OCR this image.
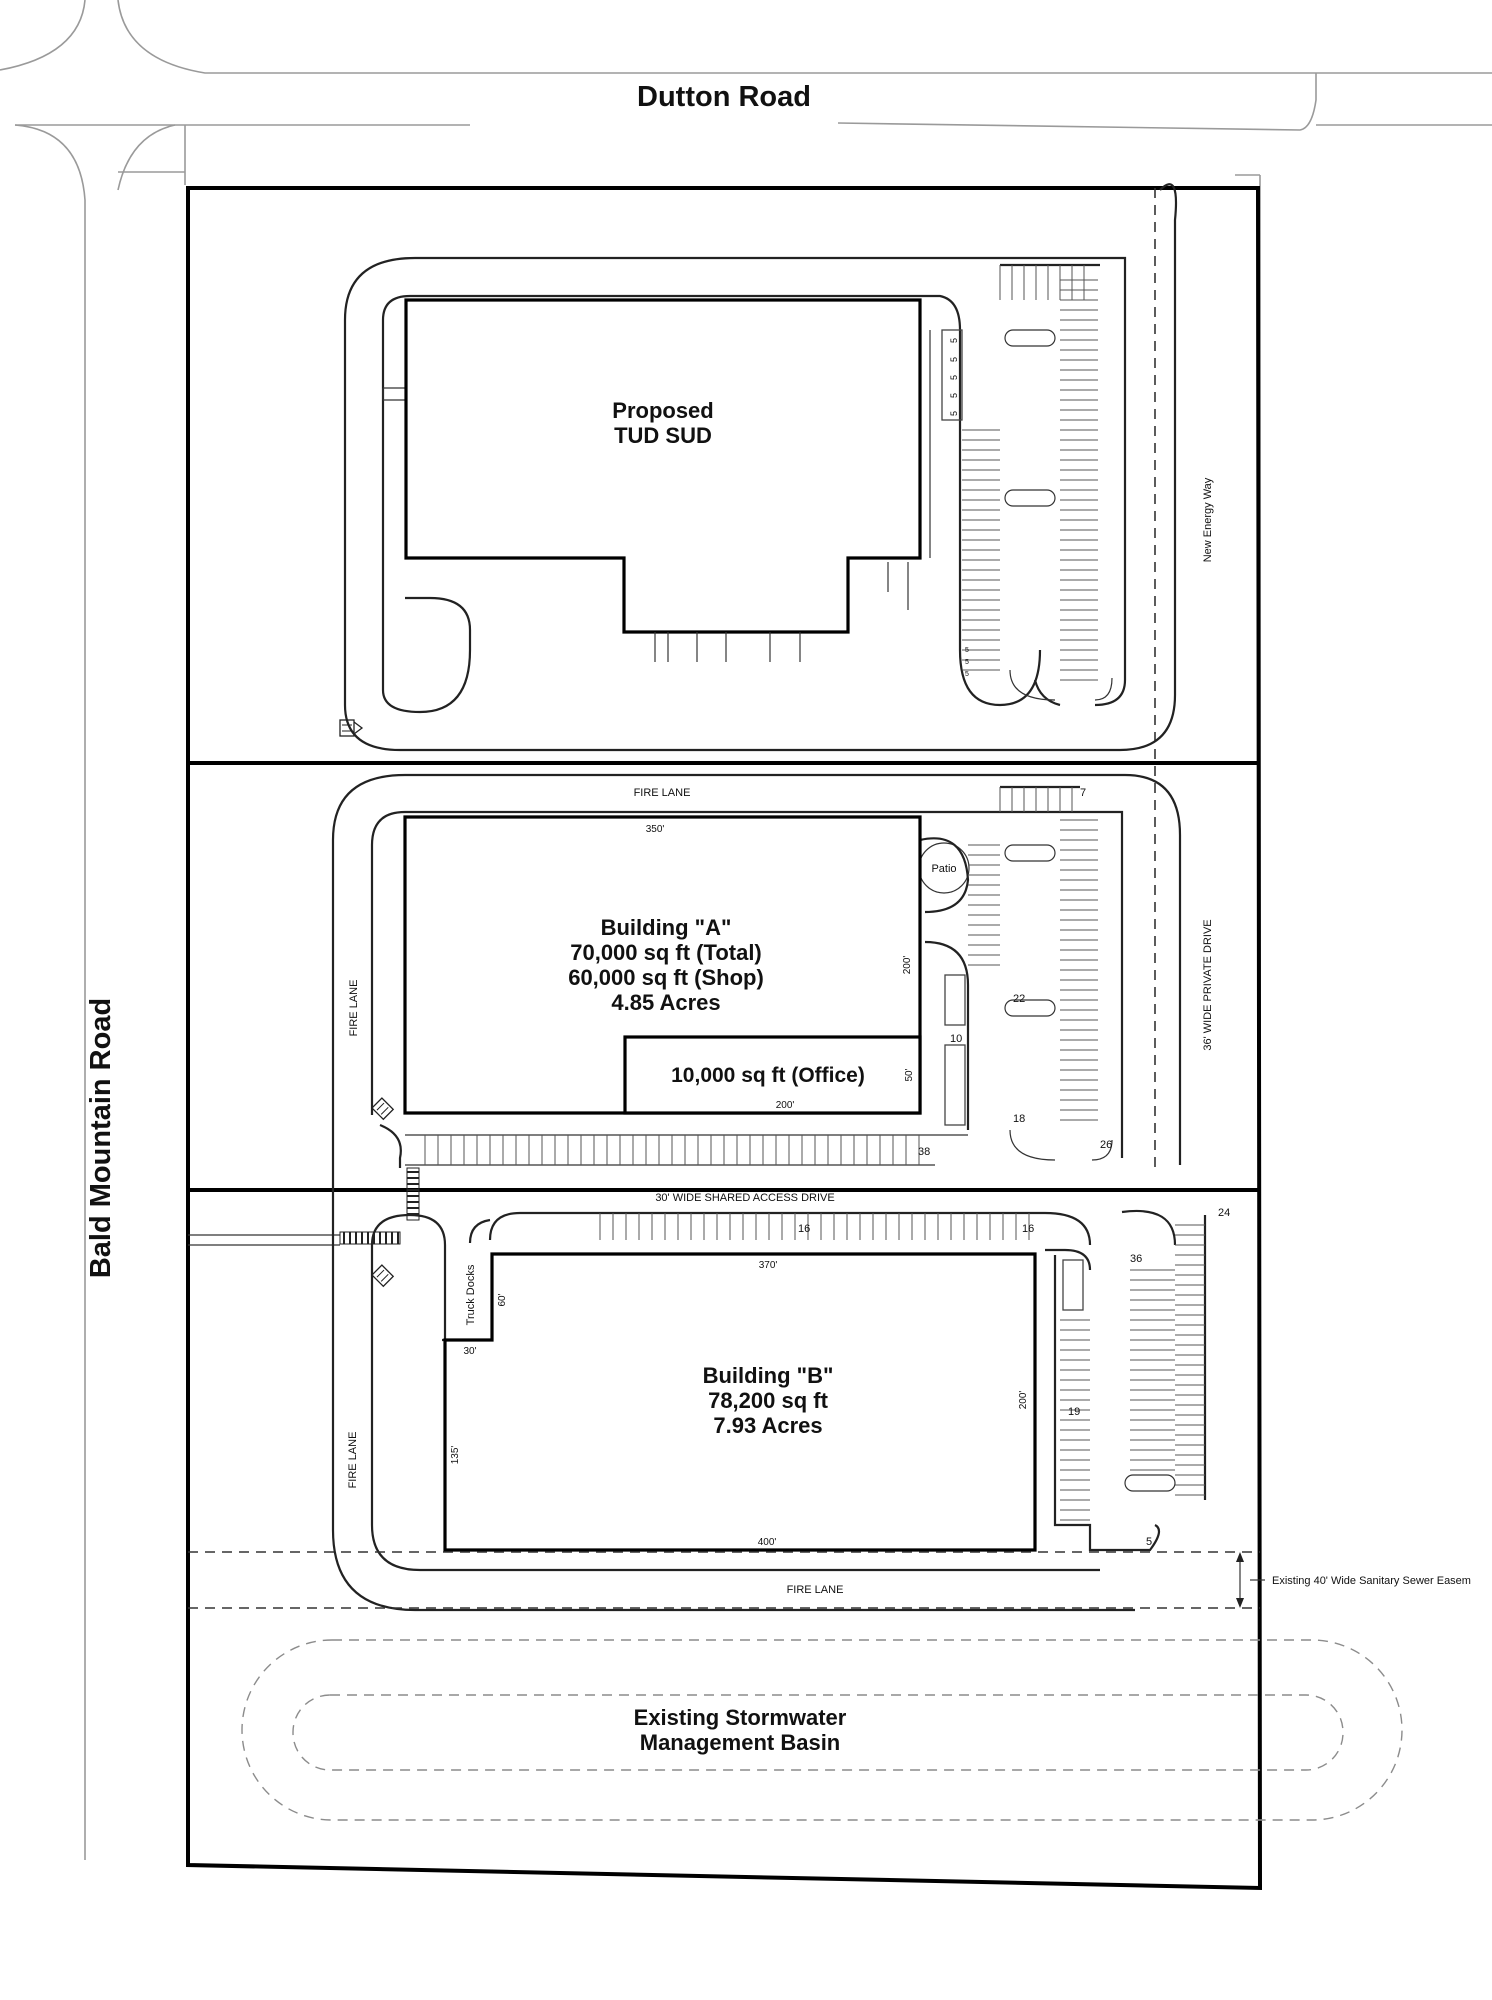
Dutton Road
Bald Mountain Road
New Energy Way
36' WIDE PRIVATE DRIVE
5
5
5
5
5
5
5
5
Proposed
TUD SUD
Patio
FIRE LANE
FIRE LANE
350'
200'
50'
200'
Building "A"
70,000 sq ft (Total)
60,000 sq ft (Shop)
4.85 Acres
10,000 sq ft (Office)
7
22
10
18
26
38
30' WIDE SHARED ACCESS DRIVE
Truck Docks 60'
30'
370'
200'
135'
400'
Building "B"
78,200 sq ft
7.93 Acres
FIRE LANE
FIRE LANE
16	16
24
36
19
5
Existing 40' Wide Sanitary Sewer Easem
Existing Stormwater
Management Basin
